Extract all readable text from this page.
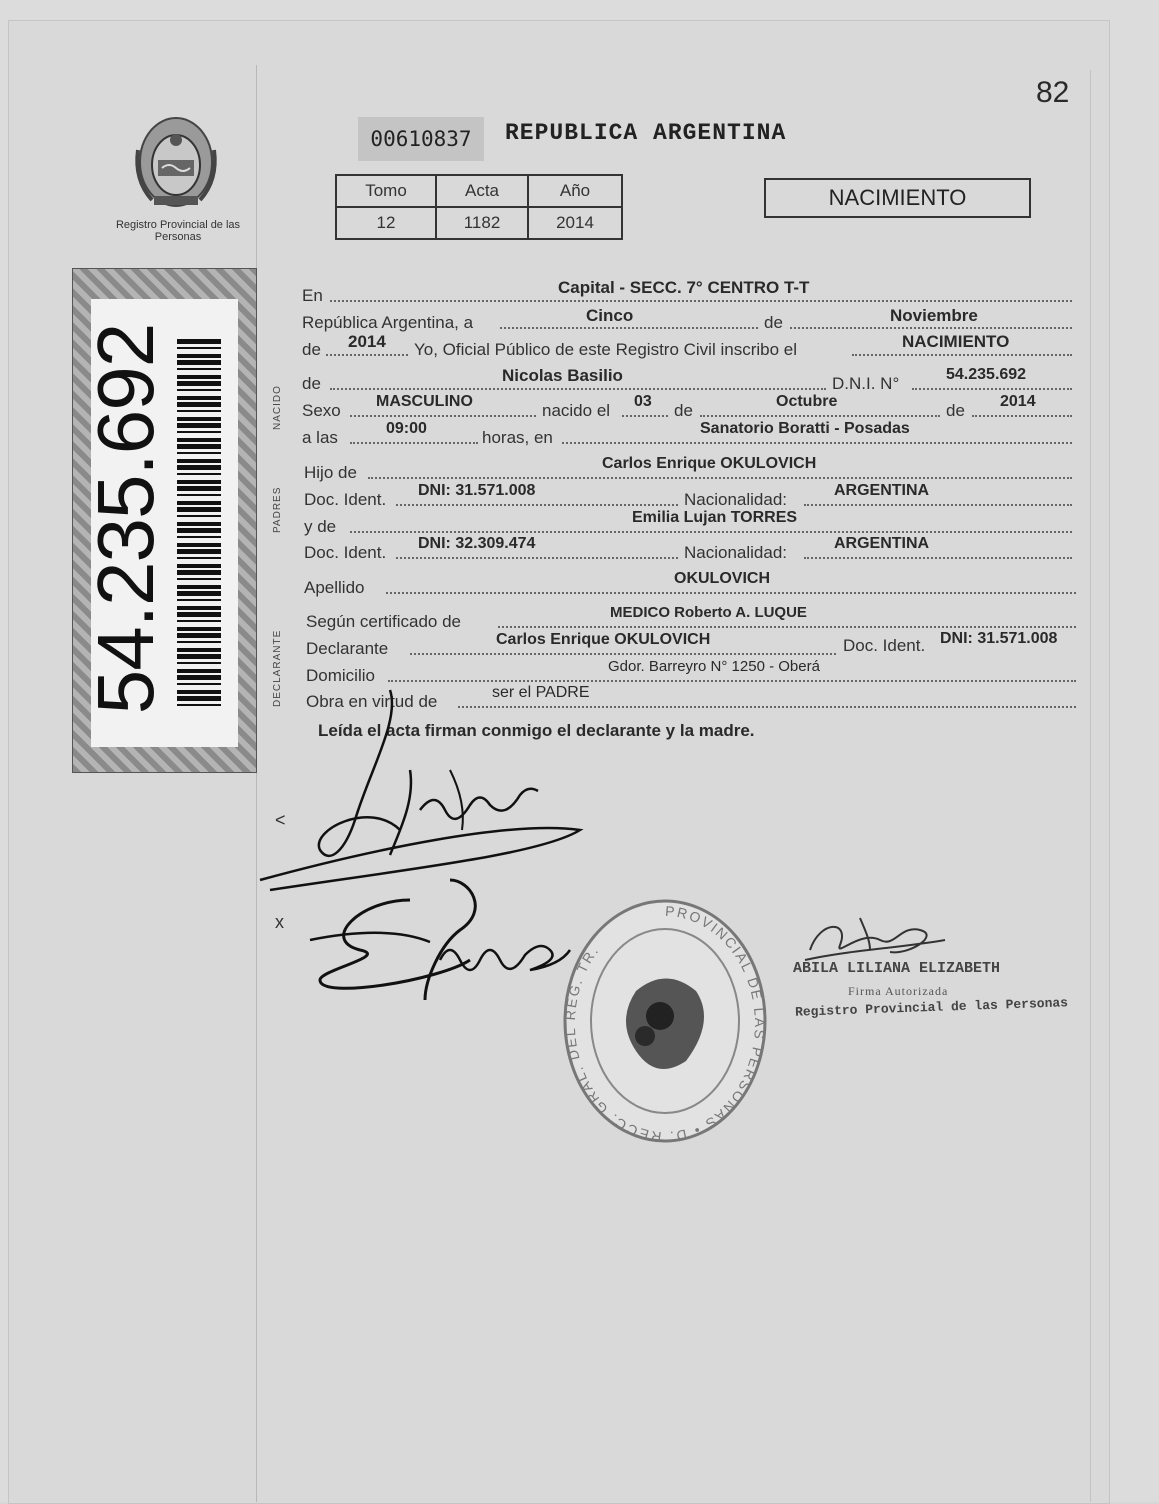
82
Registro Provincial de las Personas
54.235.692
00610837	REPUBLICA ARGENTINA
Tomo	Acta	Año
12	1182	2014
NACIMIENTO
NACIDO
PADRES
DECLARANTE
En	Capital - SECC. 7° CENTRO T-T
República Argentina, a	Cinco	de	Noviembre
de 2014 Yo, Oficial Público de este Registro Civil inscribo el	NACIMIENTO
de	Nicolas Basilio	D.N.I. N°	54.235.692
Sexo MASCULINO	nacido el 03 de	Octubre	de 2014
a las	09:00	horas, en	Sanatorio Boratti - Posadas
Hijo de	Carlos Enrique OKULOVICH
Doc. Ident. DNI: 31.571.008	Nacionalidad:	ARGENTINA
y de	Emilia Lujan TORRES
Doc. Ident. DNI: 32.309.474	Nacionalidad:	ARGENTINA
Apellido	OKULOVICH
Según certificado de	MEDICO Roberto A. LUQUE
Declarante	Carlos Enrique OKULOVICH	Doc. Ident. DNI: 31.571.008
Domicilio	Gdor. Barreyro N° 1250 - Oberá
Obra en virtud de	ser el PADRE
Leída el acta firman conmigo el declarante y la madre.
<
x
PROVINCIAL DE LAS PERSONAS • D. RECC. GRAL. DEL REG. TR.
ABILA LILIANA ELIZABETH
Firma Autorizada
Registro Provincial de las Personas
